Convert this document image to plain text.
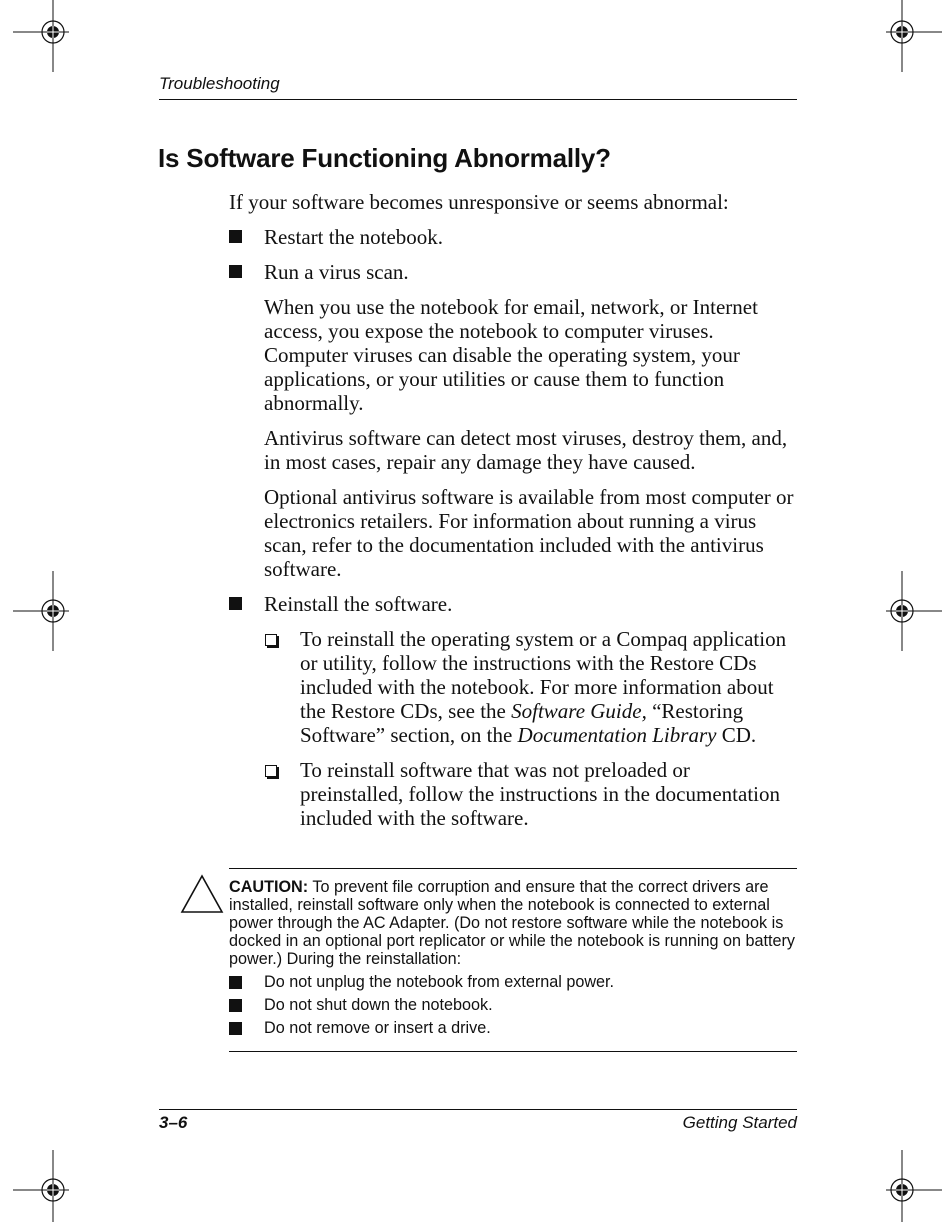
Troubleshooting
Is Software Functioning Abnormally?

If your software becomes unresponsive or seems abnormal:

Restart the notebook.
Run a virus scan.

When you use the notebook for email, network, or Internet access, you expose the notebook to computer viruses. Computer viruses can disable the operating system, your applications, or your utilities or cause them to function abnormally.

Antivirus software can detect most viruses, destroy them, and, in most cases, repair any damage they have caused.

Optional antivirus software is available from most computer or electronics retailers. For information about running a virus scan, refer to the documentation included with the antivirus software.

Reinstall the software.
To reinstall the operating system or a Compaq application or utility, follow the instructions with the Restore CDs included with the notebook. For more information about the Restore CDs, see the Software Guide, “Restoring Software” section, on the Documentation Library CD.
To reinstall software that was not preloaded or preinstalled, follow the instructions in the documentation included with the software.
CAUTION: To prevent file corruption and ensure that the correct drivers are installed, reinstall software only when the notebook is connected to external power through the AC Adapter. (Do not restore software while the notebook is docked in an optional port replicator or while the notebook is running on battery power.) During the reinstallation:
Do not unplug the notebook from external power.
Do not shut down the notebook.
Do not remove or insert a drive.
3–6	Getting Started
